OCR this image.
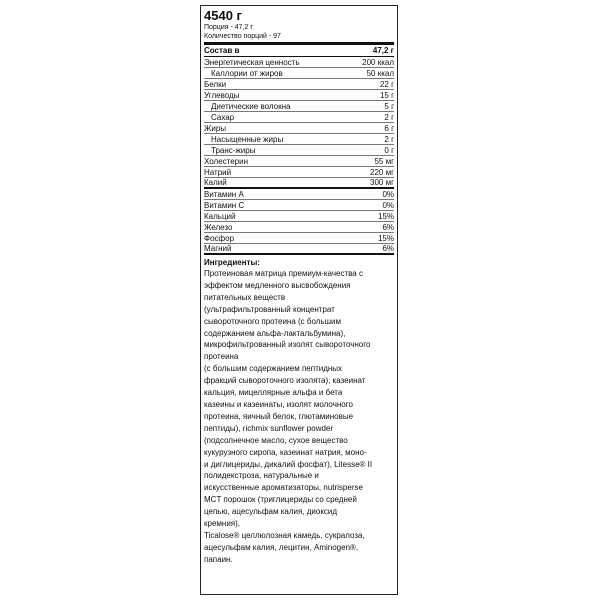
4540 г
Порция - 47,2 г
Количество порций - 97
Состав в	47,2 г
Энергетическая ценность	200 ккал
Каллории от жиров	50 ккал
Белки	22 г
Углеводы	15 г
Диетические волокна	5 г
Сахар	2 г
Жиры	6 г
Насыщенные жиры	2 г
Транс-жиры	0 г
Холестерин	55 мг
Натрий	220 мг
Калий	300 мг
Витамин А	0%
Витамин С	0%
Кальций	15%
Железо	6%
Фосфор	15%
Магний	6%
Ингредиенты:
Протеиновая матрица премиум-качества с
эффектом медленного высвобождения
питательных веществ
(ультрафильтрованный концентрат
сывороточного протеина (с большим
содержанием альфа-лактальбумина),
микрофильтрованный изолят сывороточного
протеина
(с большим содержанием пептидных
фракций сывороточного изолята), казеинат
кальция, мицеллярные альфа и бета
казеины и казеинаты, изолят молочного
протеина, яичный белок, глютаминовые
пептиды), richmix sunflower powder
(подсолнечное масло, сухое вещество
кукурузного сиропа, казеинат натрия, моно-
и диглицериды, дикалий фосфат), Litesse® II
полидекстроза, натуральные и
искусственные ароматизаторы, nutrisperse
MCT порошок (триглицериды со средней
цепью, ацесульфам калия, диоксид
кремния),
Ticalose® целлюлозная камедь, сукралоза,
ацесульфам калия, лецитин, Aminogen®,
папаин.
